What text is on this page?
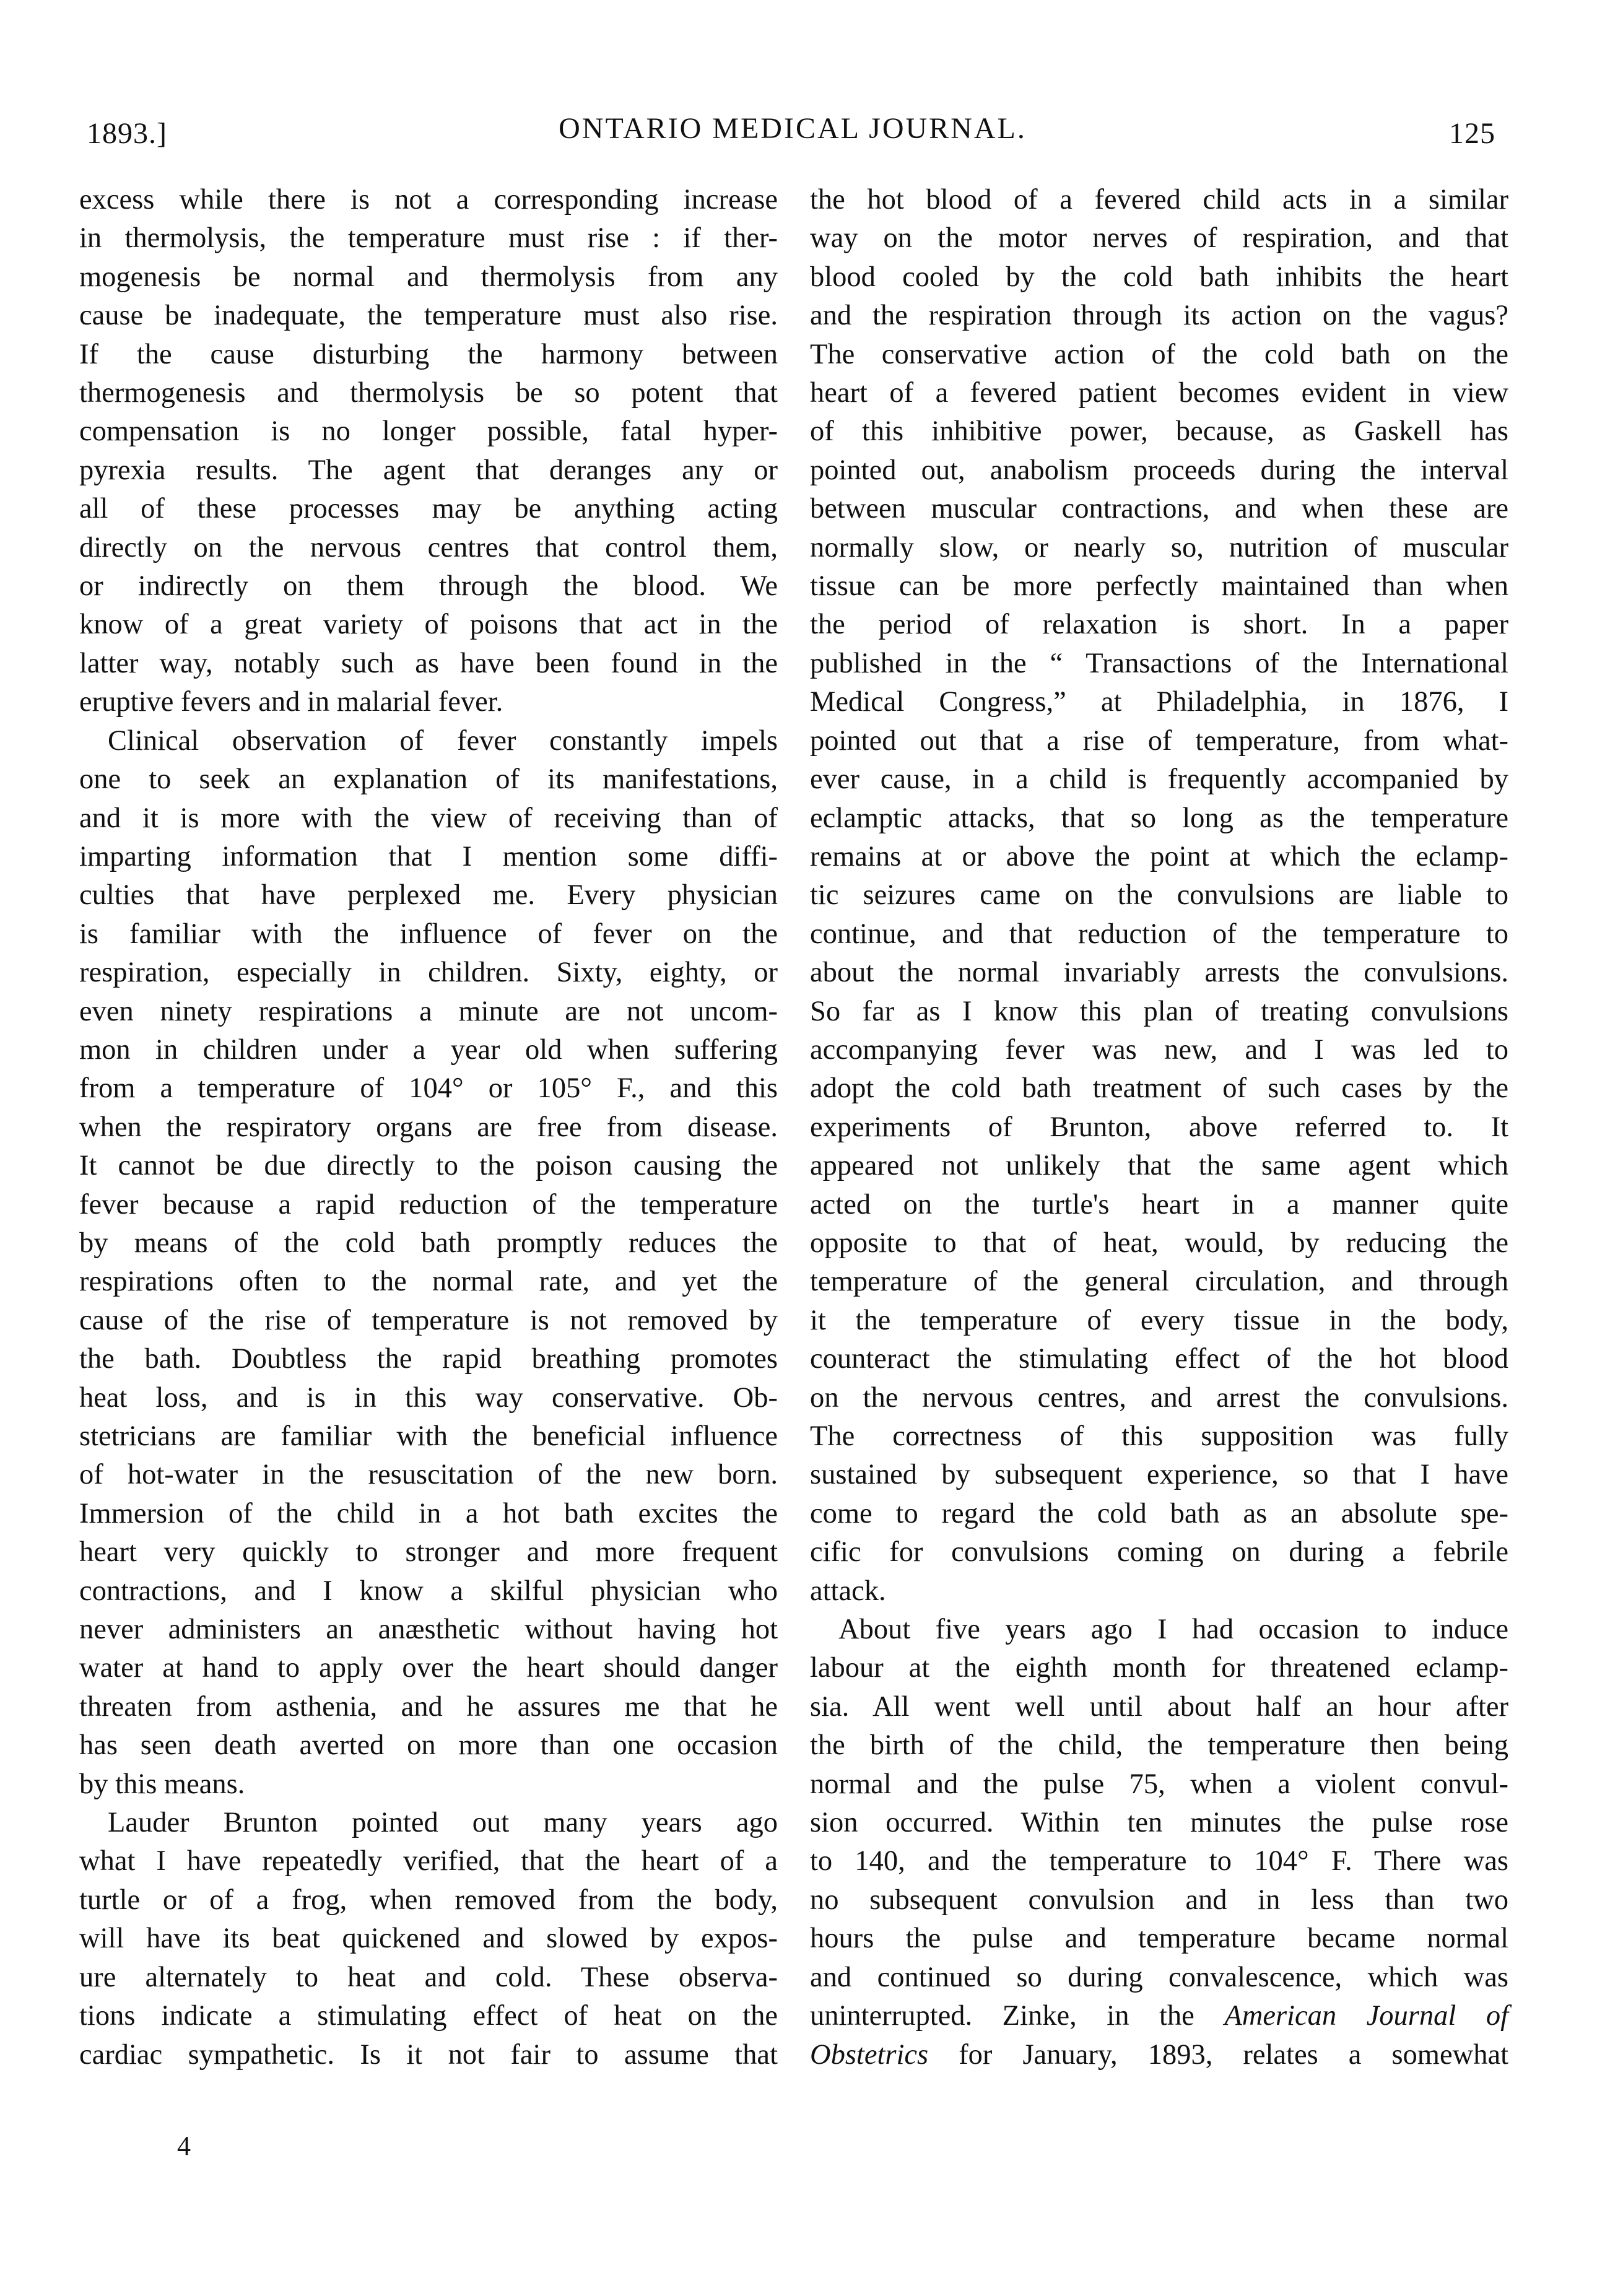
1893.]	ONTARIO MEDICAL JOURNAL.	125
excess while there is not a corresponding increase
in thermolysis, the temperature must rise : if ther-
mogenesis be normal and thermolysis from any
cause be inadequate, the temperature must also rise.
If the cause disturbing the harmony between
thermogenesis and thermolysis be so potent that
compensation is no longer possible, fatal hyper-
pyrexia results. The agent that deranges any or
all of these processes may be anything acting
directly on the nervous centres that control them,
or indirectly on them through the blood. We
know of a great variety of poisons that act in the
latter way, notably such as have been found in the
eruptive fevers and in malarial fever.
Clinical observation of fever constantly impels
one to seek an explanation of its manifestations,
and it is more with the view of receiving than of
imparting information that I mention some diffi-
culties that have perplexed me. Every physician
is familiar with the influence of fever on the
respiration, especially in children. Sixty, eighty, or
even ninety respirations a minute are not uncom-
mon in children under a year old when suffering
from a temperature of 104° or 105° F., and this
when the respiratory organs are free from disease.
It cannot be due directly to the poison causing the
fever because a rapid reduction of the temperature
by means of the cold bath promptly reduces the
respirations often to the normal rate, and yet the
cause of the rise of temperature is not removed by
the bath. Doubtless the rapid breathing promotes
heat loss, and is in this way conservative. Ob-
stetricians are familiar with the beneficial influence
of hot-water in the resuscitation of the new born.
Immersion of the child in a hot bath excites the
heart very quickly to stronger and more frequent
contractions, and I know a skilful physician who
never administers an anæsthetic without having hot
water at hand to apply over the heart should danger
threaten from asthenia, and he assures me that he
has seen death averted on more than one occasion
by this means.
Lauder Brunton pointed out many years ago
what I have repeatedly verified, that the heart of a
turtle or of a frog, when removed from the body,
will have its beat quickened and slowed by expos-
ure alternately to heat and cold. These observa-
tions indicate a stimulating effect of heat on the
cardiac sympathetic. Is it not fair to assume that
the hot blood of a fevered child acts in a similar
way on the motor nerves of respiration, and that
blood cooled by the cold bath inhibits the heart
and the respiration through its action on the vagus?
The conservative action of the cold bath on the
heart of a fevered patient becomes evident in view
of this inhibitive power, because, as Gaskell has
pointed out, anabolism proceeds during the interval
between muscular contractions, and when these are
normally slow, or nearly so, nutrition of muscular
tissue can be more perfectly maintained than when
the period of relaxation is short. In a paper
published in the “ Transactions of the International
Medical Congress,” at Philadelphia, in 1876, I
pointed out that a rise of temperature, from what-
ever cause, in a child is frequently accompanied by
eclamptic attacks, that so long as the temperature
remains at or above the point at which the eclamp-
tic seizures came on the convulsions are liable to
continue, and that reduction of the temperature to
about the normal invariably arrests the convulsions.
So far as I know this plan of treating convulsions
accompanying fever was new, and I was led to
adopt the cold bath treatment of such cases by the
experiments of Brunton, above referred to. It
appeared not unlikely that the same agent which
acted on the turtle's heart in a manner quite
opposite to that of heat, would, by reducing the
temperature of the general circulation, and through
it the temperature of every tissue in the body,
counteract the stimulating effect of the hot blood
on the nervous centres, and arrest the convulsions.
The correctness of this supposition was fully
sustained by subsequent experience, so that I have
come to regard the cold bath as an absolute spe-
cific for convulsions coming on during a febrile
attack.
About five years ago I had occasion to induce
labour at the eighth month for threatened eclamp-
sia. All went well until about half an hour after
the birth of the child, the temperature then being
normal and the pulse 75, when a violent convul-
sion occurred. Within ten minutes the pulse rose
to 140, and the temperature to 104° F. There was
no subsequent convulsion and in less than two
hours the pulse and temperature became normal
and continued so during convalescence, which was
uninterrupted. Zinke, in the American Journal of
Obstetrics for January, 1893, relates a somewhat
4
